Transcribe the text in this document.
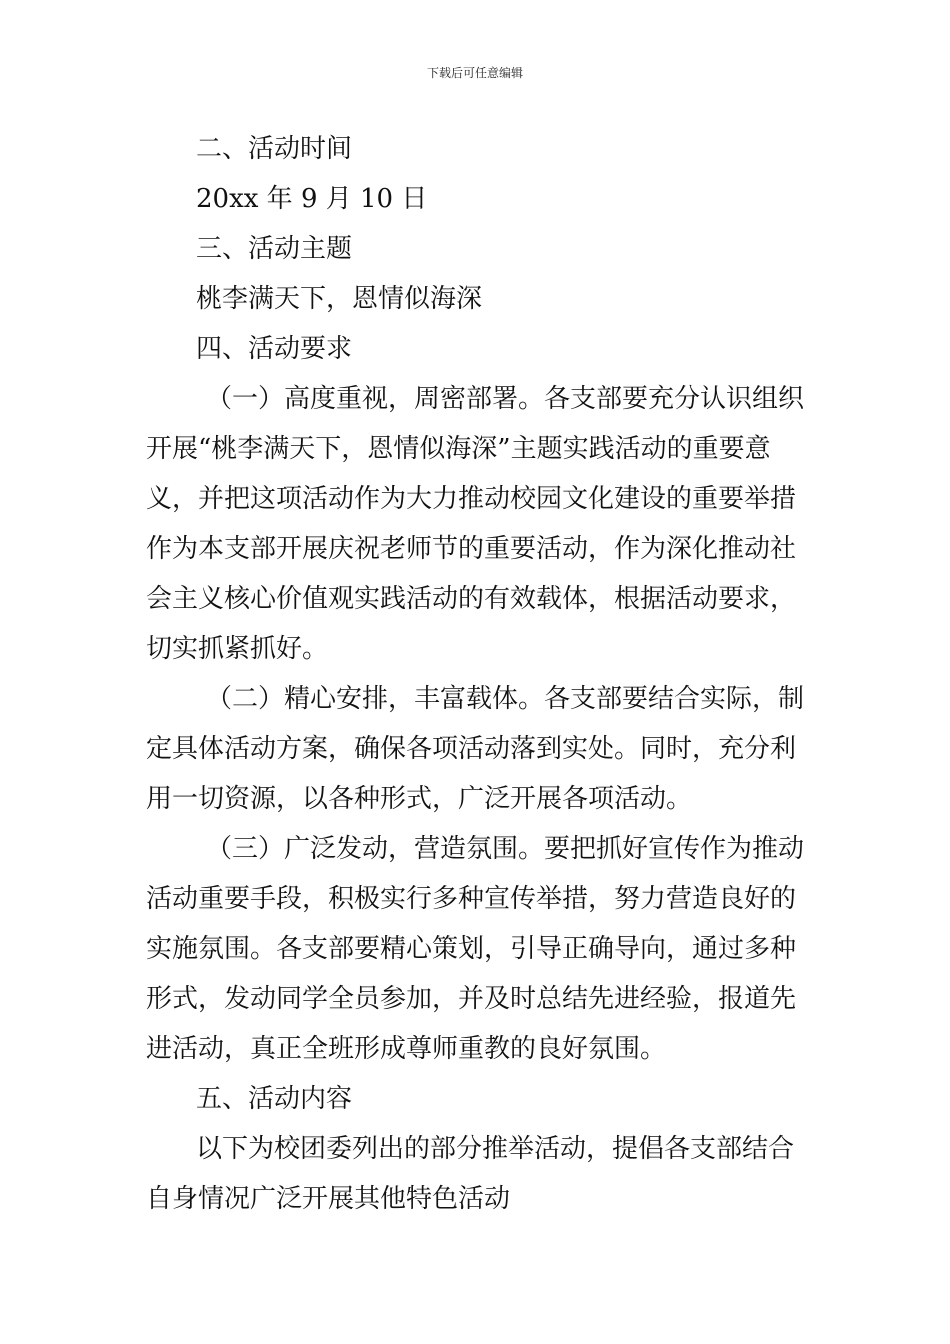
下载后可任意编辑
二、活动时间
20xx 年 9 月 10 日
三、活动主题
桃李满天下，恩情似海深
四、活动要求
（一）高度重视，周密部署。各支部要充分认识组织
开展“桃李满天下，恩情似海深”主题实践活动的重要意
义，并把这项活动作为大力推动校园文化建设的重要举措
作为本支部开展庆祝老师节的重要活动，作为深化推动社
会主义核心价值观实践活动的有效载体，根据活动要求，
切实抓紧抓好。
（二）精心安排，丰富载体。各支部要结合实际，制
定具体活动方案，确保各项活动落到实处。同时，充分利
用一切资源，以各种形式，广泛开展各项活动。
（三）广泛发动，营造氛围。要把抓好宣传作为推动
活动重要手段，积极实行多种宣传举措，努力营造良好的
实施氛围。各支部要精心策划，引导正确导向，通过多种
形式，发动同学全员参加，并及时总结先进经验，报道先
进活动，真正全班形成尊师重教的良好氛围。
五、活动内容
以下为校团委列出的部分推举活动，提倡各支部结合
自身情况广泛开展其他特色活动
